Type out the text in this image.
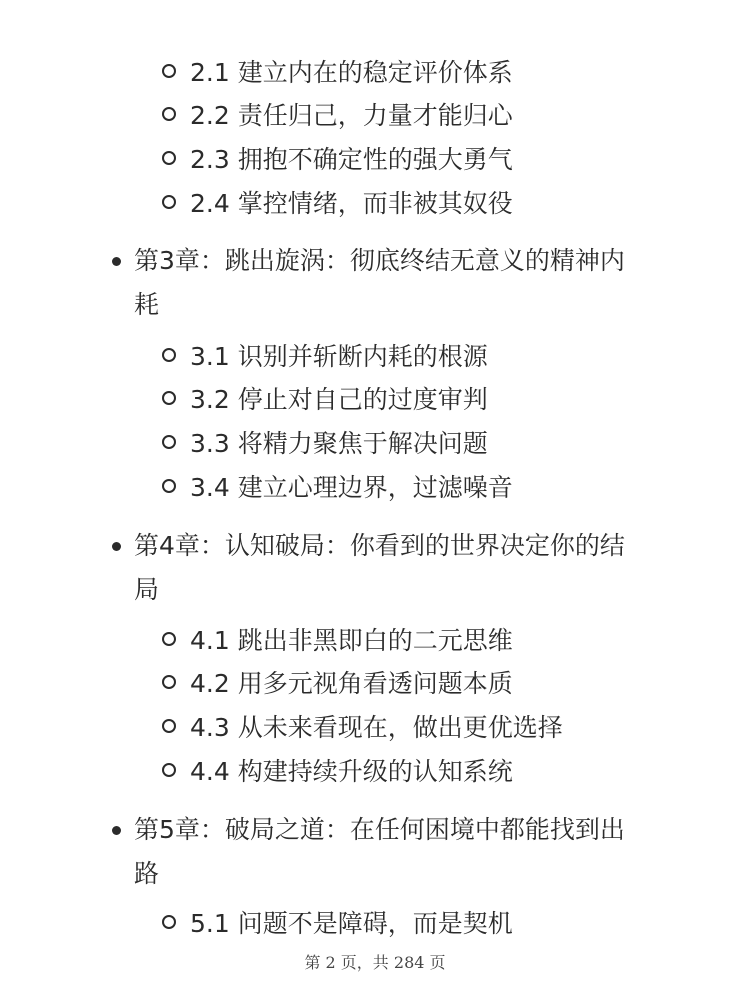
2.1 建立内在的稳定评价体系
2.2 责任归己，力量才能归心
2.3 拥抱不确定性的强大勇气
2.4 掌控情绪，而非被其奴役
第3章：跳出旋涡：彻底终结无意义的精神内
耗
3.1 识别并斩断内耗的根源
3.2 停止对自己的过度审判
3.3 将精力聚焦于解决问题
3.4 建立心理边界，过滤噪音
第4章：认知破局：你看到的世界决定你的结
局
4.1 跳出非黑即白的二元思维
4.2 用多元视角看透问题本质
4.3 从未来看现在，做出更优选择
4.4 构建持续升级的认知系统
第5章：破局之道：在任何困境中都能找到出
路
5.1 问题不是障碍，而是契机
第 2 页，共 284 页
